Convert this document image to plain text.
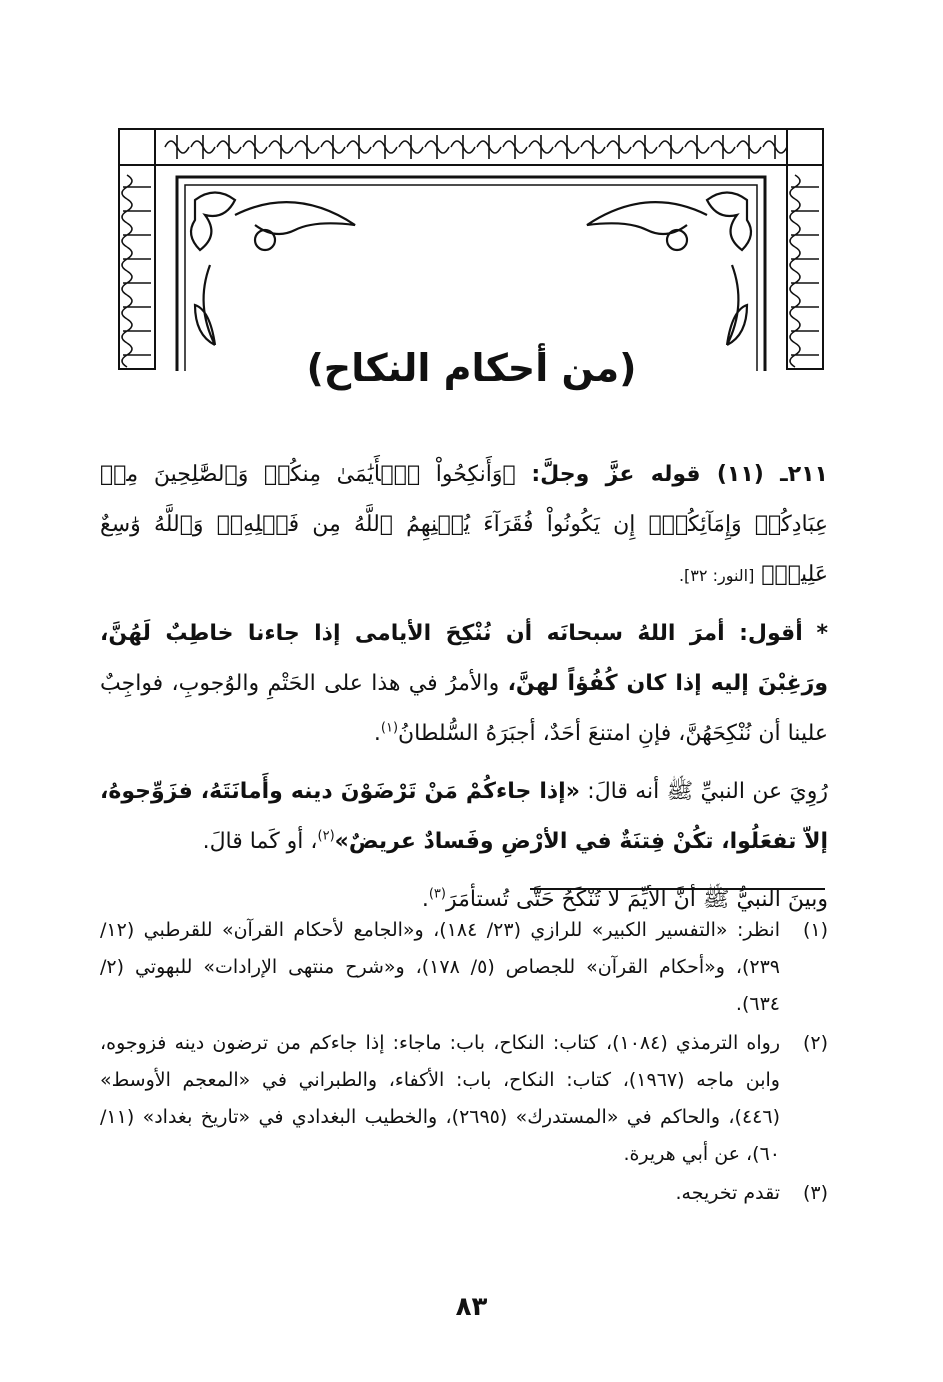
(من أحكام النكاح)

٢١١ـ (١١) قوله عزَّ وجلَّ: ﴿وَأَنكِحُواْ ٱلۡأَيَٰمَىٰ مِنكُمۡ وَٱلصَّٰلِحِينَ مِنۡ عِبَادِكُمۡ وَإِمَآئِكُمۡۚ إِن يَكُونُواْ فُقَرَآءَ يُغۡنِهِمُ ٱللَّهُ مِن فَضۡلِهِۦۗ وَٱللَّهُ وَٰسِعٌ عَلِيمٞ﴾ [النور: ٣٢].

* أقول: أمرَ اللهُ سبحانَه أن نُنْكِحَ الأيامى إذا جاءنا خاطِبٌ لَهُنَّ، ورَغِبْنَ إليه إذا كان كُفُؤاً لهنَّ، والأمرُ في هذا على الحَتْمِ والوُجوبِ، فواجِبٌ علينا أن نُنْكِحَهُنَّ، فإنِ امتنعَ أحَدٌ، أجبَرَهُ السُّلطانُ$^{(١)}$.

رُوِيَ عن النبيِّ ﷺ أنه قالَ: «إذا جاءكُمْ مَنْ تَرْضَوْنَ دينه وأَمانَتَهُ، فزَوِّجوهُ، إلاّ تفعَلُوا، تكُنْ فِتنَةٌ في الأرْضِ وفَسادٌ عريضٌ»$^{(٢)}$، أو كَما قالَ.

وبينَ النبيُّ ﷺ أنَّ الأيِّمَ لا تُنْكَحُ حَتَّى تُستأمَرَ$^{(٣)}$.

(١)
انظر: «التفسير الكبير» للرازي (٢٣/ ١٨٤)، و«الجامع لأحكام القرآن» للقرطبي (١٢/ ٢٣٩)، و«أحكام القرآن» للجصاص (٥/ ١٧٨)، و«شرح منتهى الإرادات» للبهوتي (٢/ ٦٣٤).
(٢)
رواه الترمذي (١٠٨٤)، كتاب: النكاح، باب: ماجاء: إذا جاءكم من ترضون دينه فزوجوه، وابن ماجه (١٩٦٧)، كتاب: النكاح، باب: الأكفاء، والطبراني في «المعجم الأوسط» (٤٤٦)، والحاكم في «المستدرك» (٢٦٩٥)، والخطيب البغدادي في «تاريخ بغداد» (١١/ ٦٠)، عن أبي هريرة.
(٣)
تقدم تخريجه.
٨٣
